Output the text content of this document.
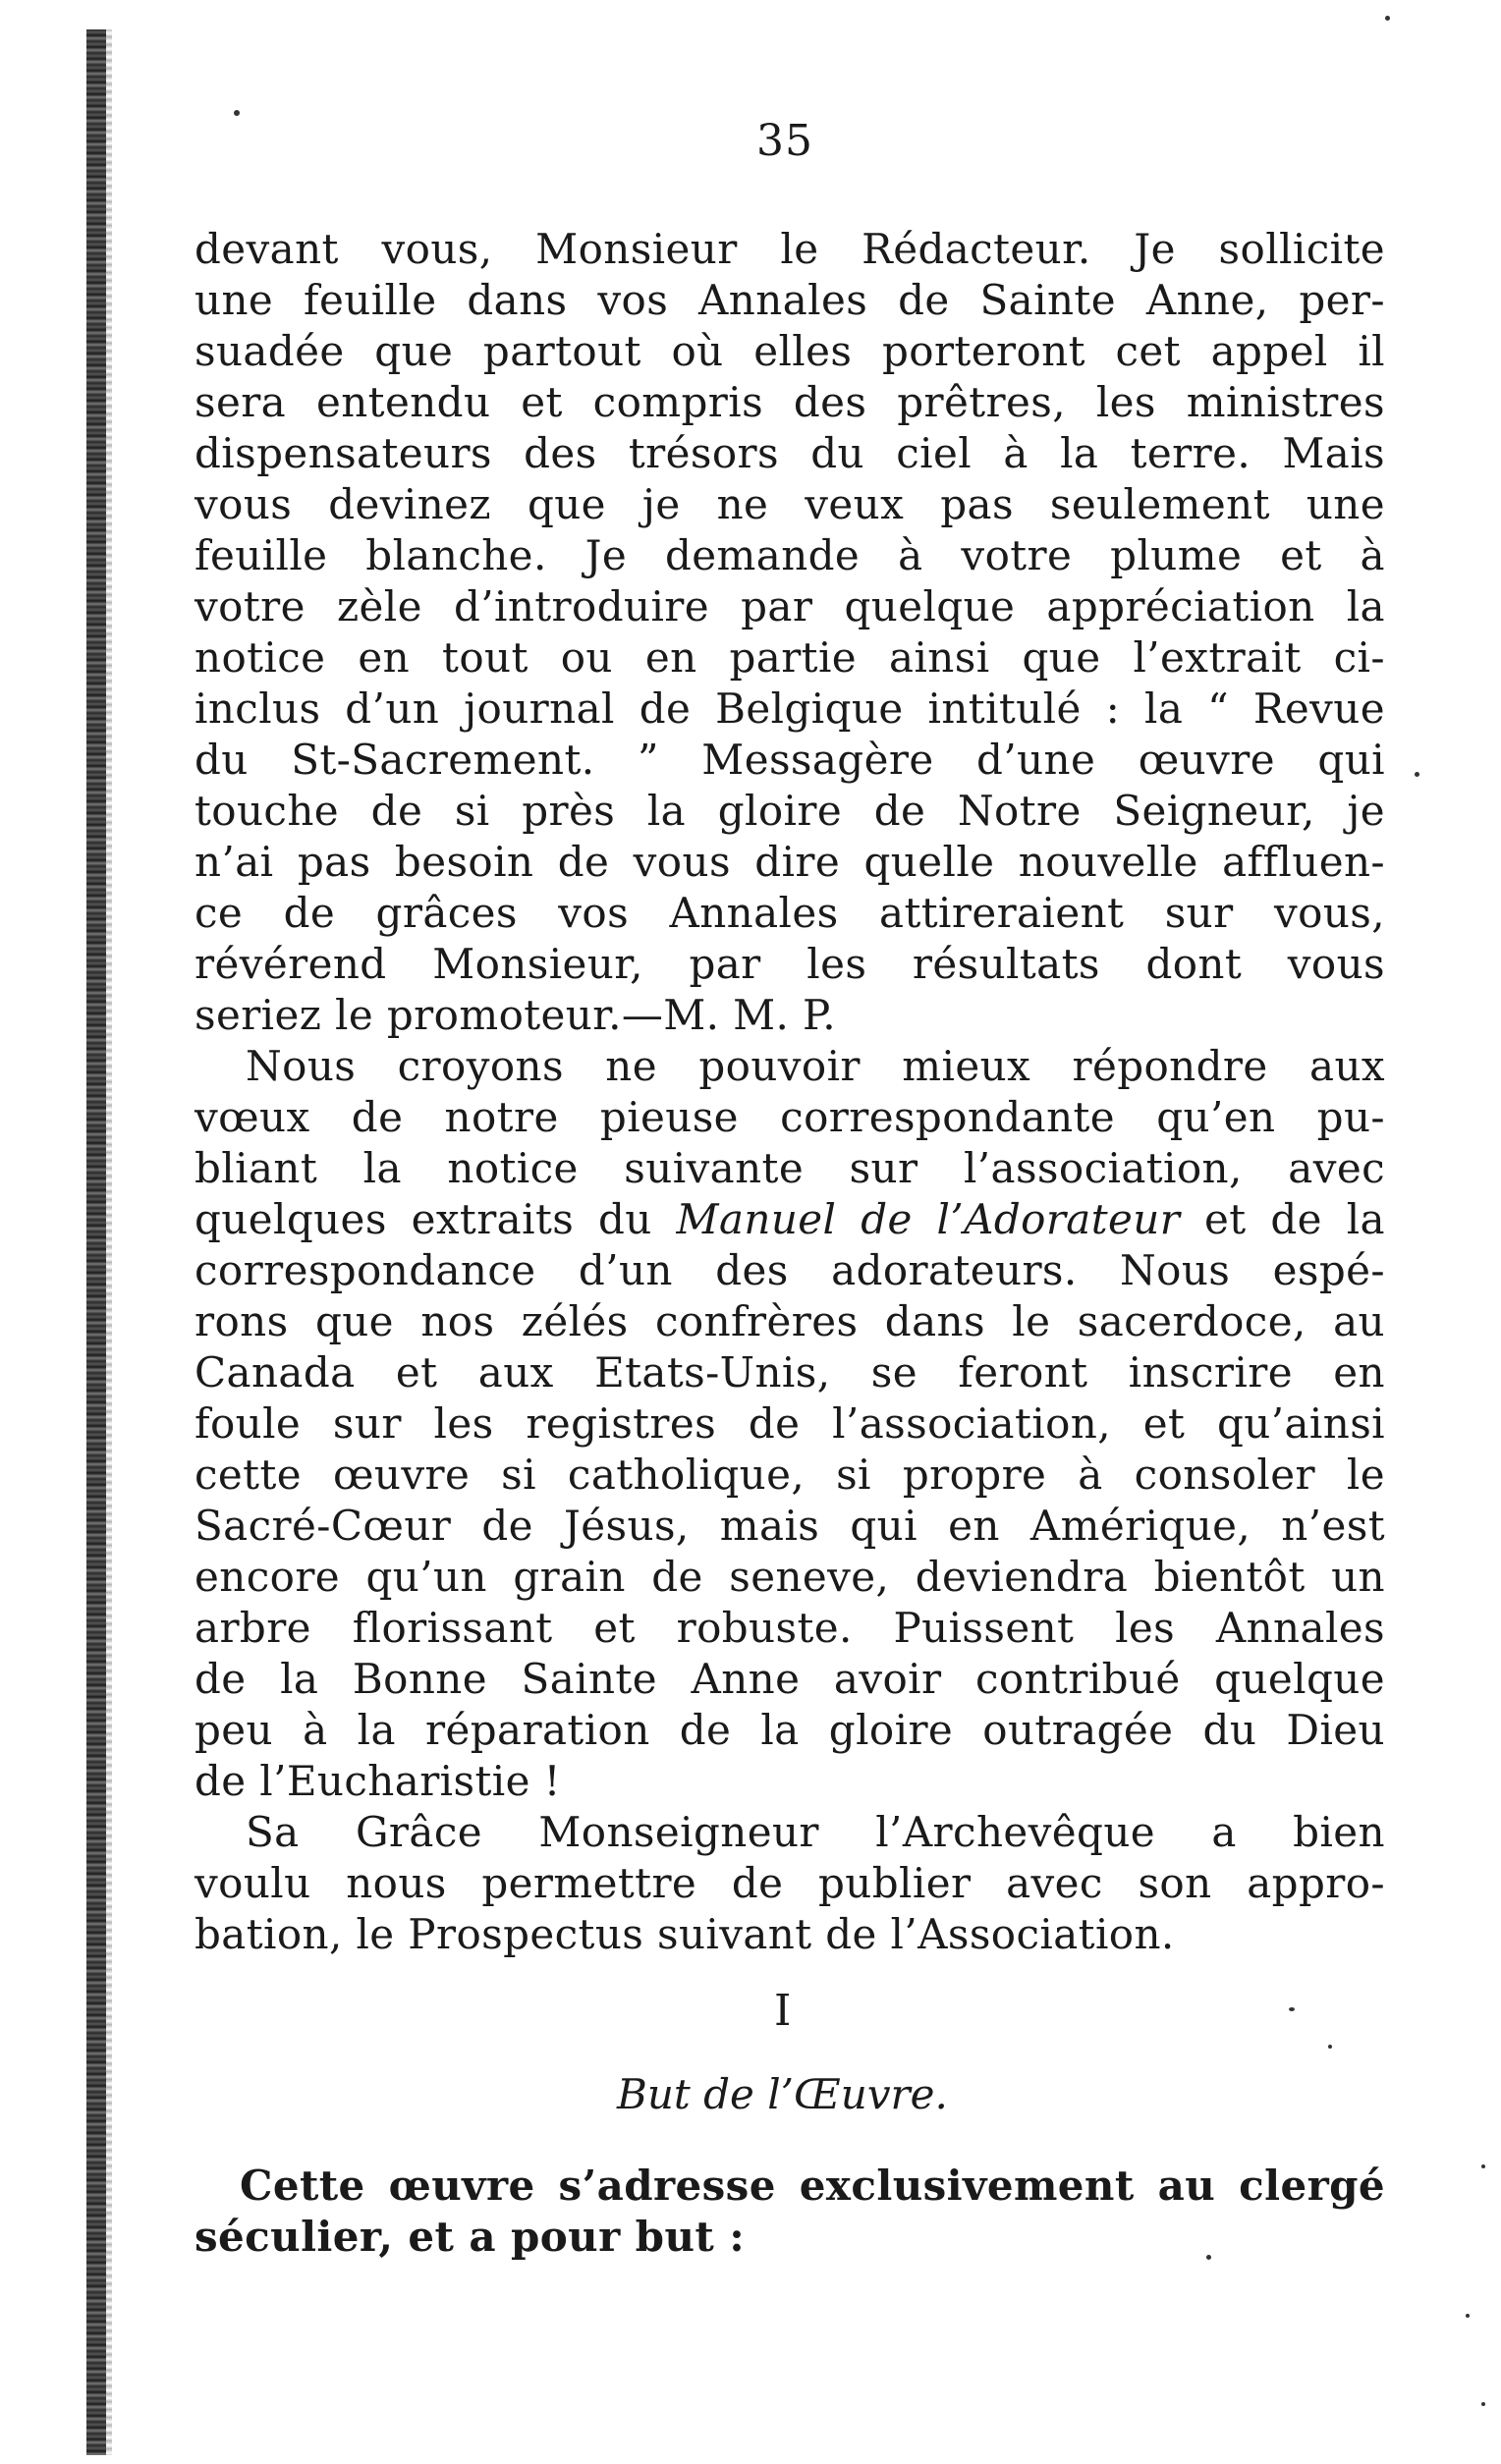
35
devant vous, Monsieur le Rédacteur. Je sollicite
une feuille dans vos Annales de Sainte Anne, per-
suadée que partout où elles porteront cet appel il
sera entendu et compris des prêtres, les ministres
dispensateurs des trésors du ciel à la terre. Mais
vous devinez que je ne veux pas seulement une
feuille blanche. Je demande à votre plume et à
votre zèle d’introduire par quelque appréciation la
notice en tout ou en partie ainsi que l’extrait ci-
inclus d’un journal de Belgique intitulé : la “ Revue
du St-Sacrement. ” Messagère d’une œuvre qui
touche de si près la gloire de Notre Seigneur, je
n’ai pas besoin de vous dire quelle nouvelle affluen-
ce de grâces vos Annales attireraient sur vous,
révérend Monsieur, par les résultats dont vous
seriez le promoteur.—M. M. P.
Nous croyons ne pouvoir mieux répondre aux
vœux de notre pieuse correspondante qu’en pu-
bliant la notice suivante sur l’association, avec
quelques extraits du Manuel de l’Adorateur et de la
correspondance d’un des adorateurs. Nous espé-
rons que nos zélés confrères dans le sacerdoce, au
Canada et aux Etats-Unis, se feront inscrire en
foule sur les registres de l’association, et qu’ainsi
cette œuvre si catholique, si propre à consoler le
Sacré-Cœur de Jésus, mais qui en Amérique, n’est
encore qu’un grain de seneve, deviendra bientôt un
arbre florissant et robuste. Puissent les Annales
de la Bonne Sainte Anne avoir contribué quelque
peu à la réparation de la gloire outragée du Dieu
de l’Eucharistie !
Sa Grâce Monseigneur l’Archevêque a bien
voulu nous permettre de publier avec son appro-
bation, le Prospectus suivant de l’Association.
I
But de l’Œuvre.
Cette œuvre s’adresse exclusivement au clergé
séculier, et a pour but :
